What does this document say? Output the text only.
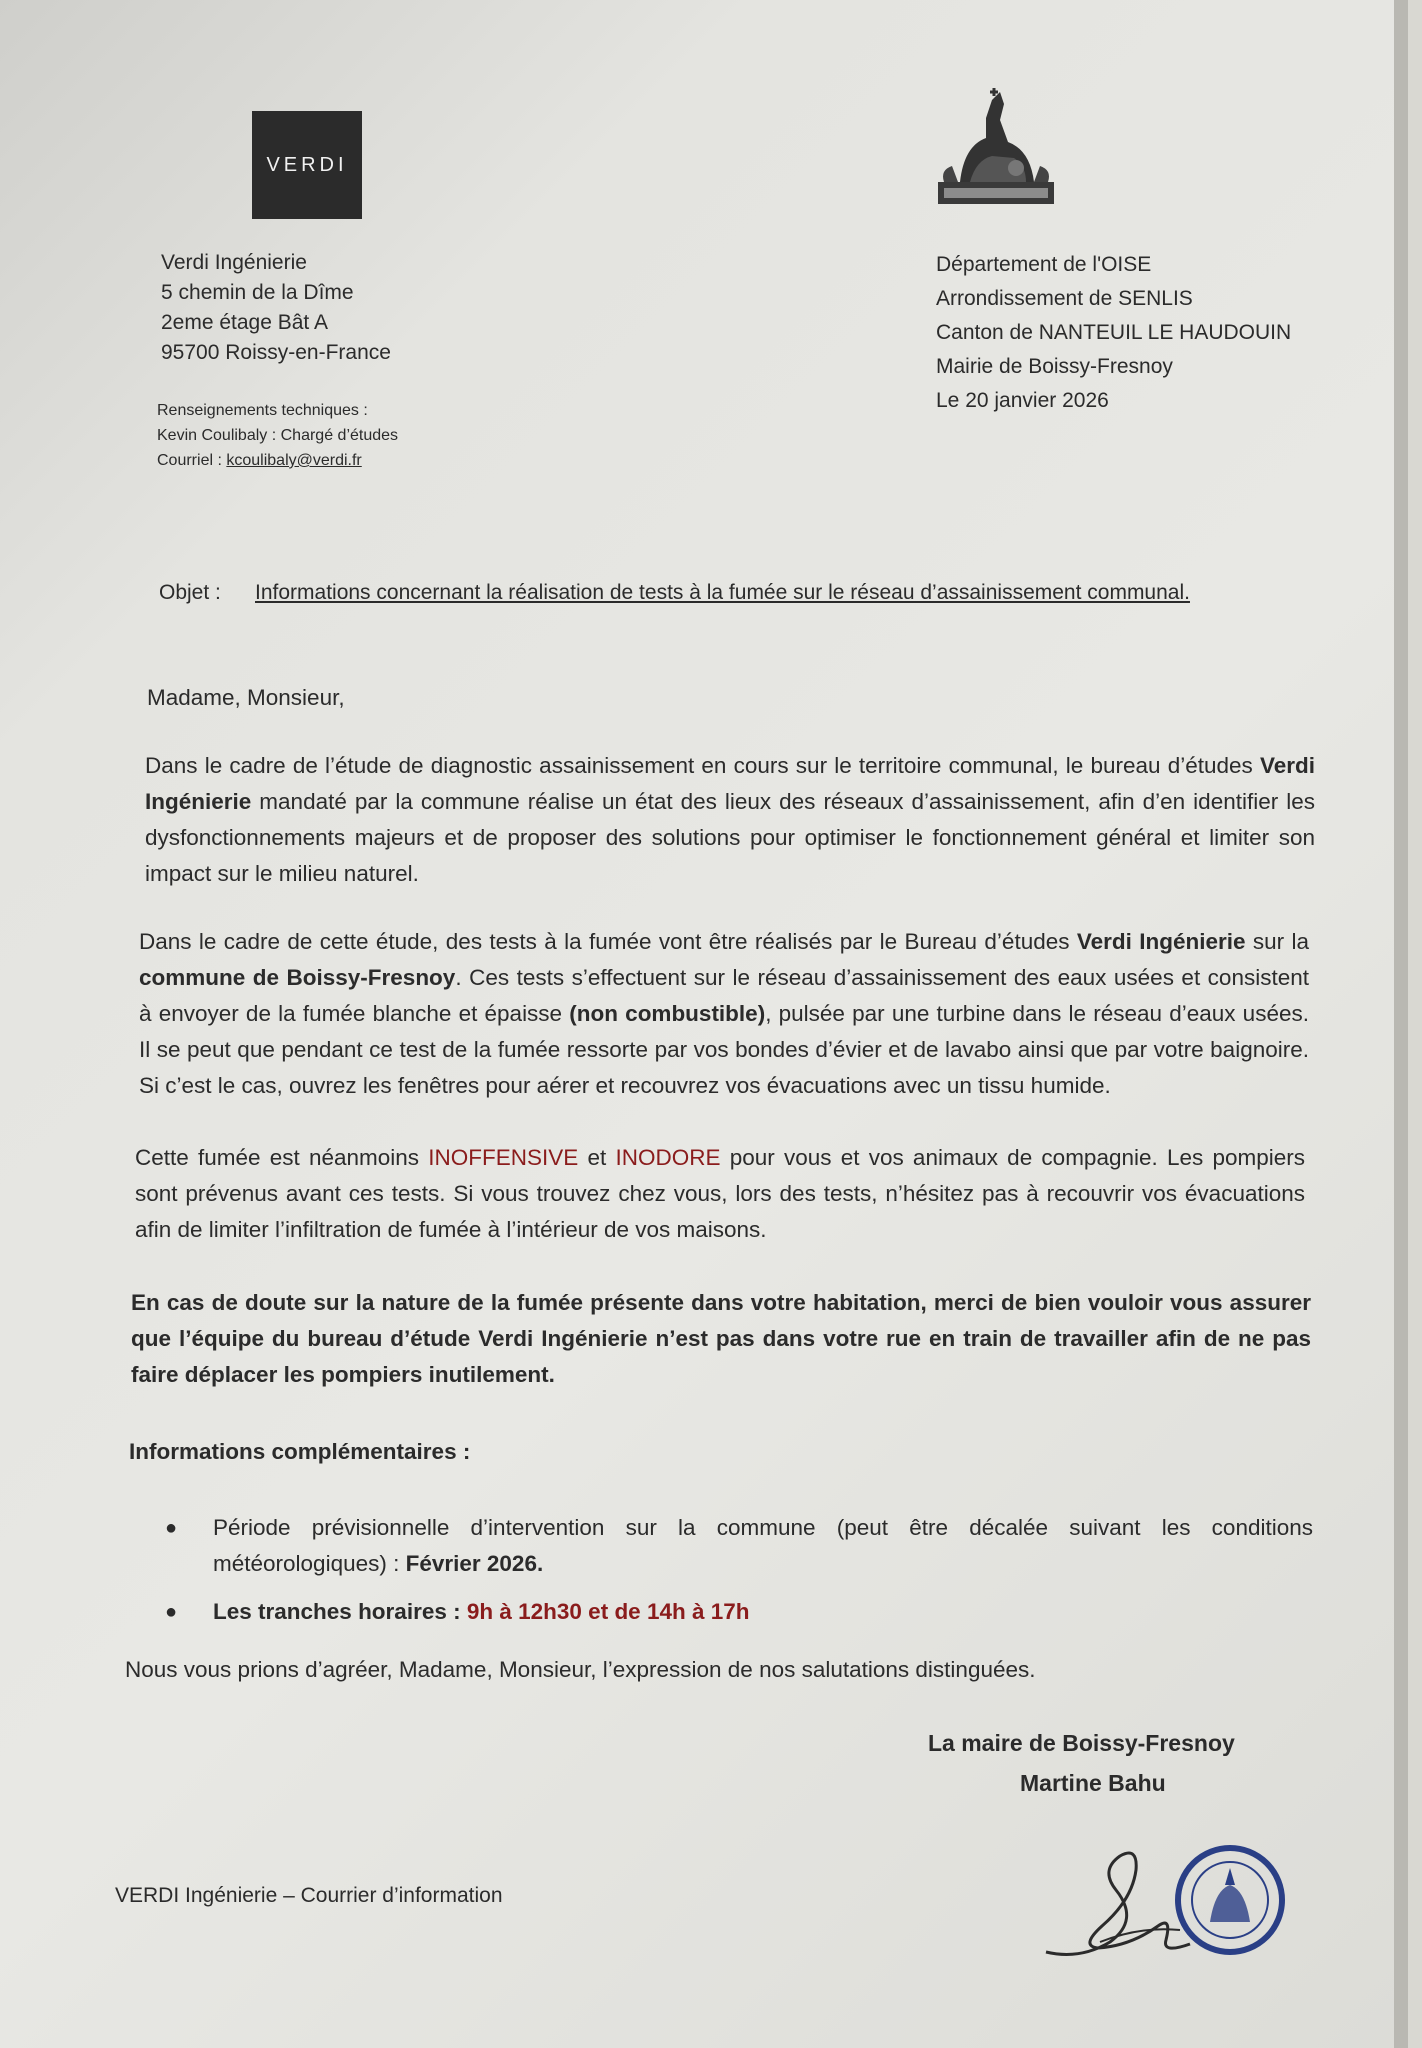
VERDI
Verdi Ingénierie
5 chemin de la Dîme
2eme étage Bât A
95700 Roissy-en-France
Renseignements techniques :
Kevin Coulibaly : Chargé d’études
Courriel : kcoulibaly@verdi.fr
Département de l'OISE
Arrondissement de SENLIS
Canton de NANTEUIL LE HAUDOUIN
Mairie de Boissy-Fresnoy
Le 20 janvier 2026
Objet :	Informations concernant la réalisation de tests à la fumée sur le réseau d’assainissement communal.
Madame, Monsieur,
Dans le cadre de l’étude de diagnostic assainissement en cours sur le territoire communal, le bureau d’études Verdi Ingénierie mandaté par la commune réalise un état des lieux des réseaux d’assainissement, afin d’en identifier les dysfonctionnements majeurs et de proposer des solutions pour optimiser le fonctionnement général et limiter son impact sur le milieu naturel.
Dans le cadre de cette étude, des tests à la fumée vont être réalisés par le Bureau d’études Verdi Ingénierie sur la commune de Boissy-Fresnoy. Ces tests s’effectuent sur le réseau d’assainissement des eaux usées et consistent à envoyer de la fumée blanche et épaisse (non combustible), pulsée par une turbine dans le réseau d’eaux usées. Il se peut que pendant ce test de la fumée ressorte par vos bondes d’évier et de lavabo ainsi que par votre baignoire. Si c’est le cas, ouvrez les fenêtres pour aérer et recouvrez vos évacuations avec un tissu humide.
Cette fumée est néanmoins INOFFENSIVE et INODORE pour vous et vos animaux de compagnie. Les pompiers sont prévenus avant ces tests. Si vous trouvez chez vous, lors des tests, n’hésitez pas à recouvrir vos évacuations afin de limiter l’infiltration de fumée à l’intérieur de vos maisons.
En cas de doute sur la nature de la fumée présente dans votre habitation, merci de bien vouloir vous assurer que l’équipe du bureau d’étude Verdi Ingénierie n’est pas dans votre rue en train de travailler afin de ne pas faire déplacer les pompiers inutilement.
Informations complémentaires :
●	Période prévisionnelle d’intervention sur la commune (peut être décalée suivant les conditions météorologiques) : Février 2026.
●	Les tranches horaires : 9h à 12h30 et de 14h à 17h
Nous vous prions d’agréer, Madame, Monsieur, l’expression de nos salutations distinguées.
La maire de Boissy-Fresnoy
Martine Bahu
VERDI Ingénierie – Courrier d’information
